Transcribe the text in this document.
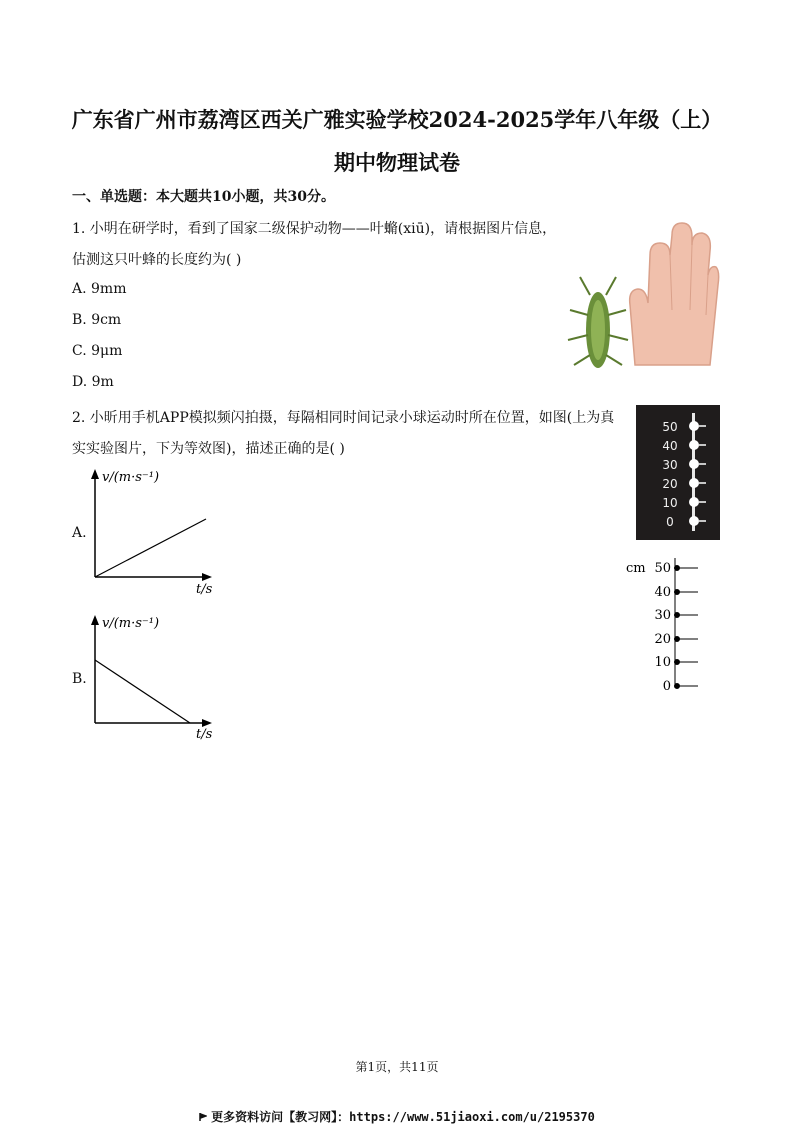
广东省广州市荔湾区西关广雅实验学校2024-2025学年八年级（上）
期中物理试卷
一、单选题：本大题共10小题，共30分。
1. 小明在研学时，看到了国家二级保护动物——叶䗛(xiū)，请根据图片信息，
估测这只叶蜂的长度约为( )
A. 9mm
B. 9cm
C. 9μm
D. 9m
2. 小昕用手机APP模拟频闪拍摄，每隔相同时间记录小球运动时所在位置，如图(上为真
实实验图片，下为等效图)，描述正确的是( )
A.
v/(m·s⁻¹)
t/s
B.
v/(m·s⁻¹)
t/s
50
40
30
20
10
0
cm 50
40
30
20
10
0
第1页，共11页
更多资料访问【教习网】：https://www.51jiaoxi.com/u/2195370
